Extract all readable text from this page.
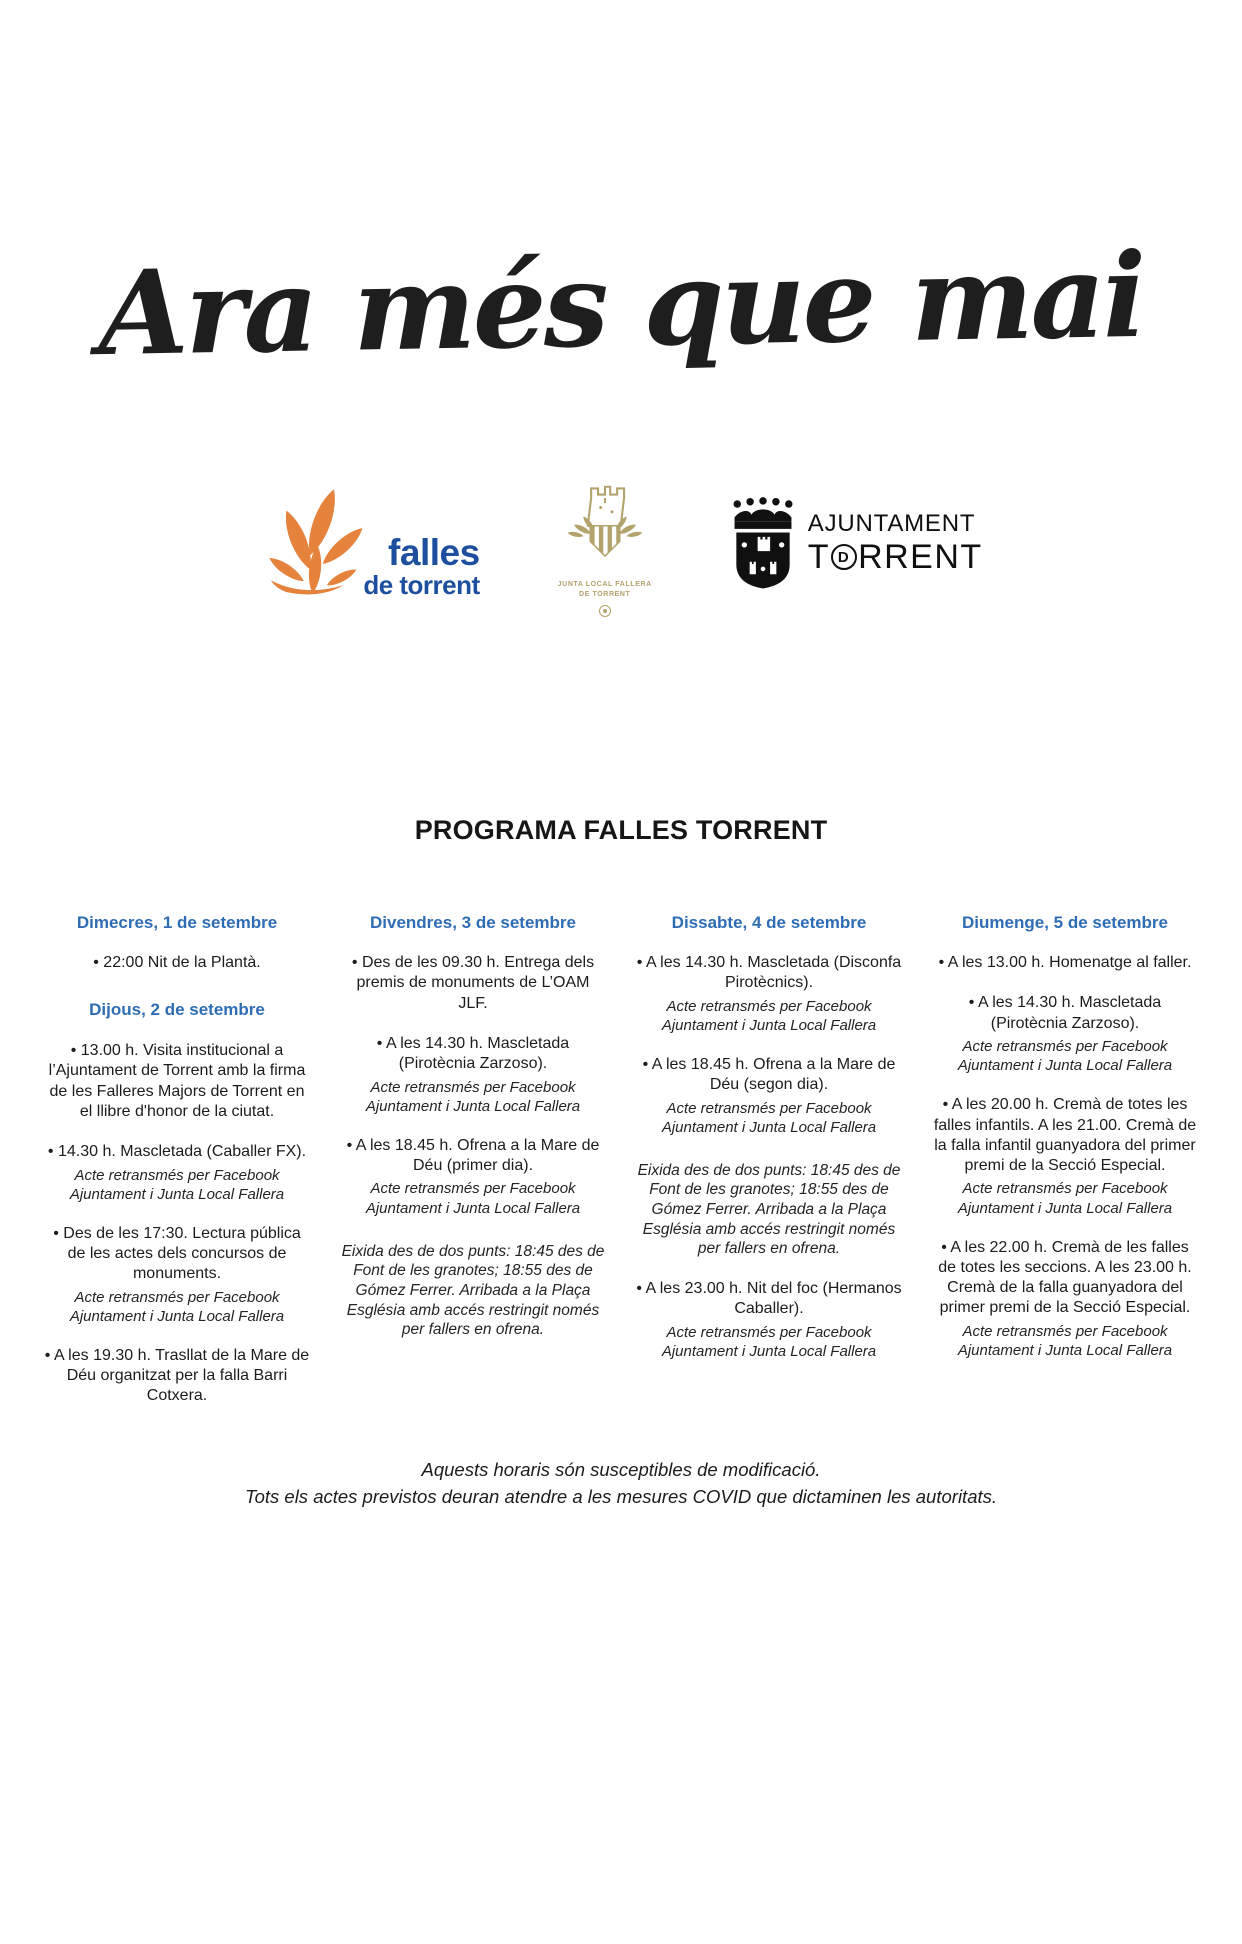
Ara més que mai
falles
de torrent	JUNTA LOCAL FALLERA
DE TORRENT
AJUNTAMENT
T D RRENT
PROGRAMA FALLES TORRENT
Dimecres, 1 de setembre
• 22:00 Nit de la Plantà.
Dijous, 2 de setembre
• 13.00 h. Visita institucional a l’Ajuntament de Torrent amb la firma de les Falleres Majors de Torrent en el llibre d'honor de la ciutat.
• 14.30 h. Mascletada (Caballer FX).
Acte retransmés per Facebook Ajuntament i Junta Local Fallera
• Des de les 17:30. Lectura pública de les actes dels concursos de monuments.
Acte retransmés per Facebook Ajuntament i Junta Local Fallera
• A les 19.30 h. Trasllat de la Mare de Déu organitzat per la falla Barri Cotxera.
Divendres, 3 de setembre
• Des de les 09.30 h. Entrega dels premis de monuments de L’OAM JLF.
• A les 14.30 h. Mascletada (Pirotècnia Zarzoso).
Acte retransmés per Facebook Ajuntament i Junta Local Fallera
• A les 18.45 h. Ofrena a la Mare de Déu (primer dia).
Acte retransmés per Facebook Ajuntament i Junta Local Fallera
Eixida des de dos punts: 18:45 des de Font de les granotes; 18:55 des de Gómez Ferrer. Arribada a la Plaça Església amb accés restringit només per fallers en ofrena.
Dissabte, 4 de setembre
• A les 14.30 h. Mascletada (Disconfa Pirotècnics).
Acte retransmés per Facebook Ajuntament i Junta Local Fallera
• A les 18.45 h. Ofrena a la Mare de Déu (segon dia).
Acte retransmés per Facebook Ajuntament i Junta Local Fallera
Eixida des de dos punts: 18:45 des de Font de les granotes; 18:55 des de Gómez Ferrer. Arribada a la Plaça Església amb accés restringit només per fallers en ofrena.
• A les 23.00 h. Nit del foc (Hermanos Caballer).
Acte retransmés per Facebook Ajuntament i Junta Local Fallera
Diumenge, 5 de setembre
• A les 13.00 h. Homenatge al faller.
• A les 14.30 h. Mascletada (Pirotècnia Zarzoso).
Acte retransmés per Facebook Ajuntament i Junta Local Fallera
• A les 20.00 h. Cremà de totes les falles infantils. A les 21.00. Cremà de la falla infantil guanyadora del primer premi de la Secció Especial.
Acte retransmés per Facebook Ajuntament i Junta Local Fallera
• A les 22.00 h. Cremà de les falles de totes les seccions. A les 23.00 h. Cremà de la falla guanyadora del primer premi de la Secció Especial.
Acte retransmés per Facebook Ajuntament i Junta Local Fallera
Aquests horaris són susceptibles de modificació.
Tots els actes previstos deuran atendre a les mesures COVID que dictaminen les autoritats.
